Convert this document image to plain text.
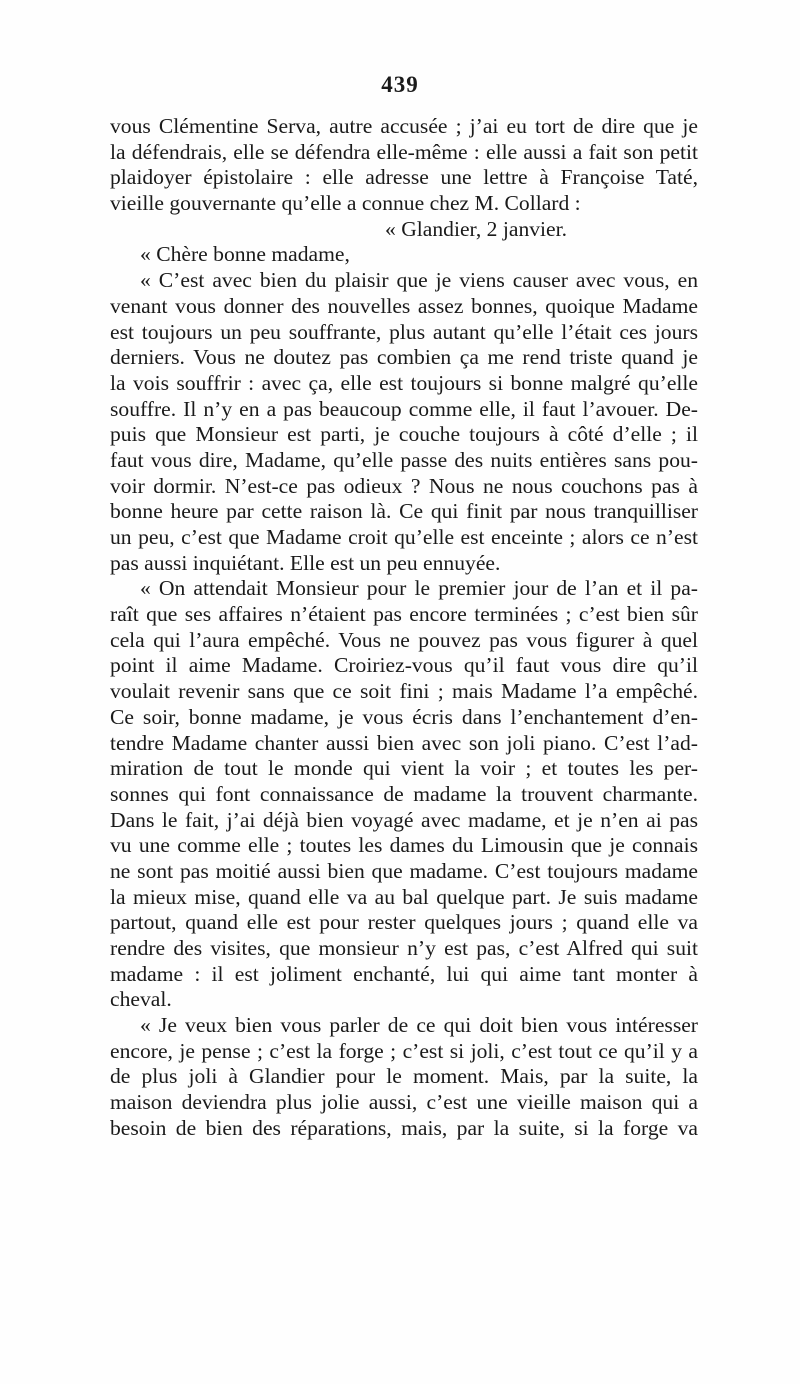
439
vous Clémentine Serva, autre accusée ; j’ai eu tort de dire que je
la défendrais, elle se défendra elle-même : elle aussi a fait son petit
plaidoyer épistolaire : elle adresse une lettre à Françoise Taté,
vieille gouvernante qu’elle a connue chez M. Collard :
« Glandier, 2 janvier.
« Chère bonne madame,
« C’est avec bien du plaisir que je viens causer avec vous, en
venant vous donner des nouvelles assez bonnes, quoique Madame
est toujours un peu souffrante, plus autant qu’elle l’était ces jours
derniers. Vous ne doutez pas combien ça me rend triste quand je
la vois souffrir : avec ça, elle est toujours si bonne malgré qu’elle
souffre. Il n’y en a pas beaucoup comme elle, il faut l’avouer. De-
puis que Monsieur est parti, je couche toujours à côté d’elle ; il
faut vous dire, Madame, qu’elle passe des nuits entières sans pou-
voir dormir. N’est-ce pas odieux ? Nous ne nous couchons pas à
bonne heure par cette raison là. Ce qui finit par nous tranquilliser
un peu, c’est que Madame croit qu’elle est enceinte ; alors ce n’est
pas aussi inquiétant. Elle est un peu ennuyée.
« On attendait Monsieur pour le premier jour de l’an et il pa-
raît que ses affaires n’étaient pas encore terminées ; c’est bien sûr
cela qui l’aura empêché. Vous ne pouvez pas vous figurer à quel
point il aime Madame. Croiriez-vous qu’il faut vous dire qu’il
voulait revenir sans que ce soit fini ; mais Madame l’a empêché.
Ce soir, bonne madame, je vous écris dans l’enchantement d’en-
tendre Madame chanter aussi bien avec son joli piano. C’est l’ad-
miration de tout le monde qui vient la voir ; et toutes les per-
sonnes qui font connaissance de madame la trouvent charmante.
Dans le fait, j’ai déjà bien voyagé avec madame, et je n’en ai pas
vu une comme elle ; toutes les dames du Limousin que je connais
ne sont pas moitié aussi bien que madame. C’est toujours madame
la mieux mise, quand elle va au bal quelque part. Je suis madame
partout, quand elle est pour rester quelques jours ; quand elle va
rendre des visites, que monsieur n’y est pas, c’est Alfred qui suit
madame : il est joliment enchanté, lui qui aime tant monter à
cheval.
« Je veux bien vous parler de ce qui doit bien vous intéresser
encore, je pense ; c’est la forge ; c’est si joli, c’est tout ce qu’il y a
de plus joli à Glandier pour le moment. Mais, par la suite, la
maison deviendra plus jolie aussi, c’est une vieille maison qui a
besoin de bien des réparations, mais, par la suite, si la forge va
